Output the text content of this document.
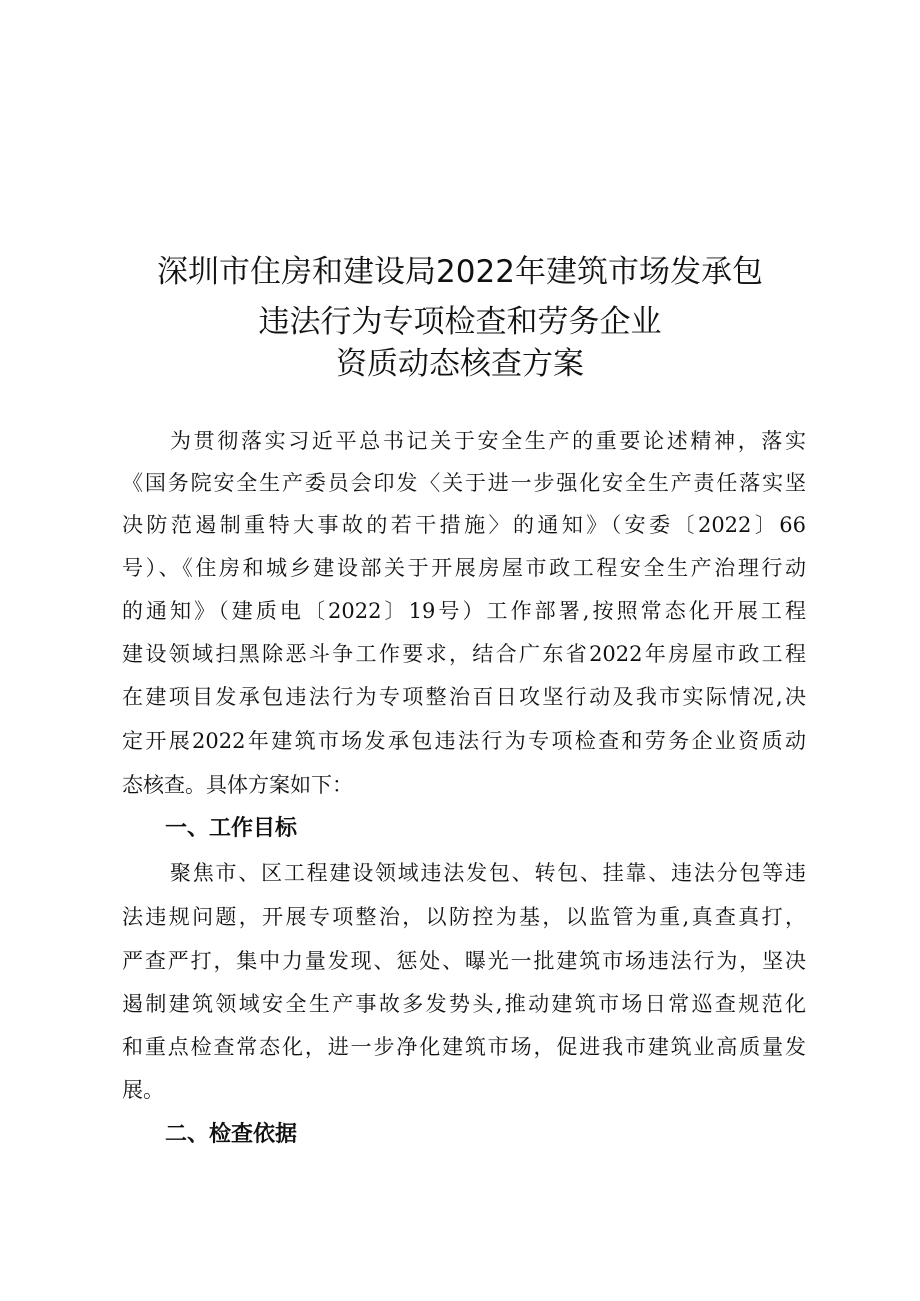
深圳市住房和建设局2022年建筑市场发承包
违法行为专项检查和劳务企业
资质动态核查方案

为贯彻落实习近平总书记关于安全生产的重要论述精神，落实

《国务院安全生产委员会印发〈关于进一步强化安全生产责任落实坚

决防范遏制重特大事故的若干措施〉的通知》（安委〔2022〕66

号）、《住房和城乡建设部关于开展房屋市政工程安全生产治理行动

的通知》（建质电〔2022〕19号）工作部署,按照常态化开展工程

建设领域扫黑除恶斗争工作要求，结合广东省2022年房屋市政工程

在建项目发承包违法行为专项整治百日攻坚行动及我市实际情况,决

定开展2022年建筑市场发承包违法行为专项检查和劳务企业资质动

态核查。具体方案如下：

一、工作目标

聚焦市、区工程建设领域违法发包、转包、挂靠、违法分包等违

法违规问题，开展专项整治，以防控为基，以监管为重,真查真打，

严查严打，集中力量发现、惩处、曝光一批建筑市场违法行为，坚决

遏制建筑领域安全生产事故多发势头,推动建筑市场日常巡查规范化

和重点检查常态化，进一步净化建筑市场，促进我市建筑业高质量发

展。

二、检查依据
